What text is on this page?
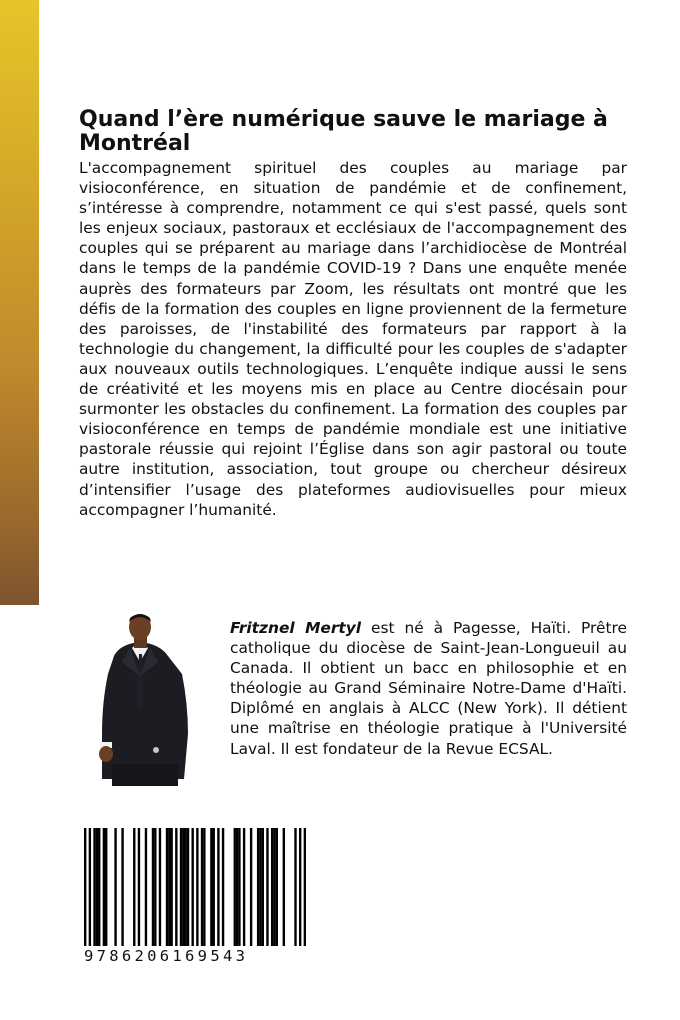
Quand l’ère numérique sauve le mariage à Montréal

L'accompagnement spirituel des couples au mariage par visioconférence, en situation de pandémie et de confinement, s’intéresse à comprendre, notamment ce qui s'est passé, quels sont les enjeux sociaux, pastoraux et ecclésiaux de l'accompagnement des couples qui se préparent au mariage dans l’archidiocèse de Montréal dans le temps de la pandémie COVID-19 ? Dans une enquête menée auprès des formateurs par Zoom, les résultats ont montré que les défis de la formation des couples en ligne proviennent de la fermeture des paroisses, de l'instabilité des formateurs par rapport à la technologie du changement, la difficulté pour les couples de s'adapter aux nouveaux outils technologiques. L’enquête indique aussi le sens de créativité et les moyens mis en place au Centre diocésain pour surmonter les obstacles du confinement. La formation des couples par visioconférence en temps de pandémie mondiale est une initiative pastorale réussie qui rejoint l’Église dans son agir pastoral ou toute autre institution, association, tout groupe ou chercheur désireux d’intensifier l’usage des plateformes audiovisuelles pour mieux accompagner l’humanité.

Fritznel Mertyl est né à Pagesse, Haïti. Prêtre catholique du diocèse de Saint-Jean-Longueuil au Canada. Il obtient un bacc en philosophie et en théologie au Grand Séminaire Notre-Dame d'Haïti. Diplômé en anglais à ALCC (New York). Il détient une maîtrise en théologie pratique à l'Université Laval. Il est fondateur de la Revue ECSAL.

9786206169543
